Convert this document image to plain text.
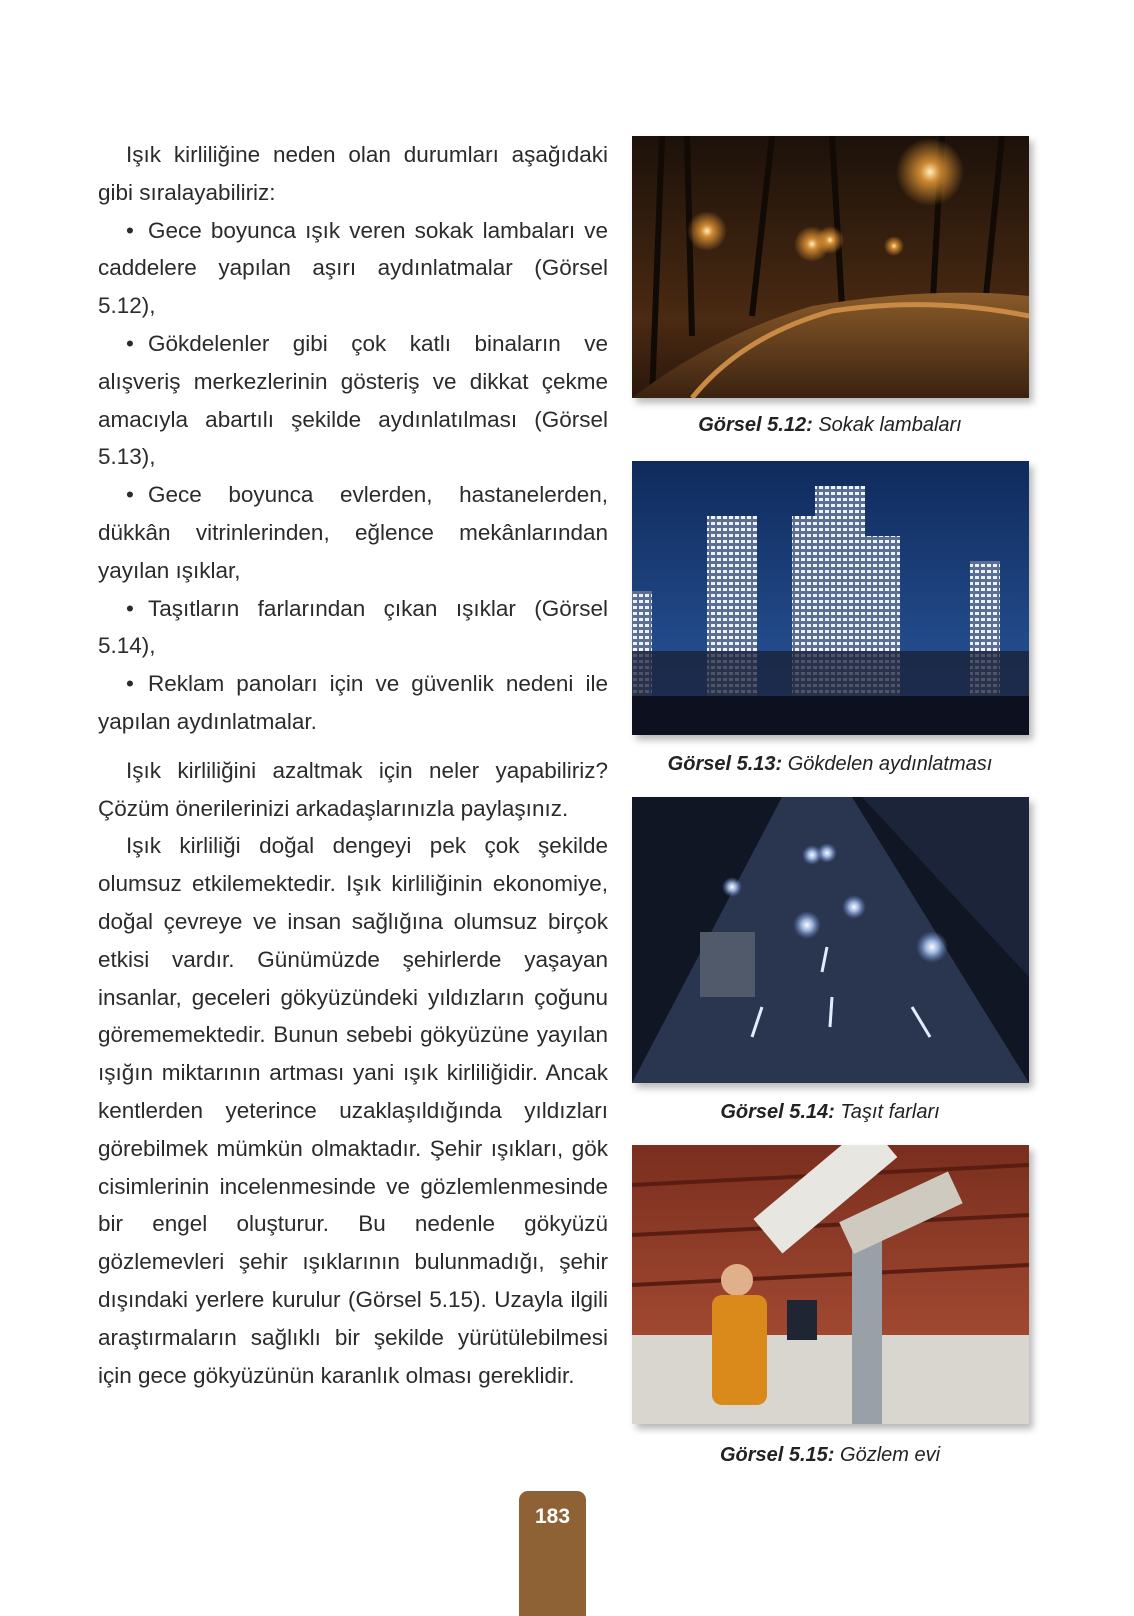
Işık kirliliğine neden olan durumları aşağıdaki gibi sıralayabiliriz:

• Gece boyunca ışık veren sokak lambaları ve caddelere yapılan aşırı aydınlatmalar (Görsel 5.12),

• Gökdelenler gibi çok katlı binaların ve alışveriş merkezlerinin gösteriş ve dikkat çekme amacıyla abartılı şekilde aydınlatılması (Görsel 5.13),

• Gece boyunca evlerden, hastanelerden, dükkân vitrinlerinden, eğlence mekânlarından yayılan ışıklar,

• Taşıtların farlarından çıkan ışıklar (Görsel 5.14),

• Reklam panoları için ve güvenlik nedeni ile yapılan aydınlatmalar.

Işık kirliliğini azaltmak için neler yapabiliriz? Çözüm önerilerinizi arkadaşlarınızla paylaşınız.

Işık kirliliği doğal dengeyi pek çok şekilde olumsuz etkilemektedir. Işık kirliliğinin ekonomiye, doğal çevreye ve insan sağlığına olumsuz birçok etkisi vardır. Günümüzde şehirlerde yaşayan insanlar, geceleri gökyüzündeki yıldızların çoğunu görememektedir. Bunun sebebi gökyüzüne yayılan ışığın miktarının artması yani ışık kirliliğidir. Ancak kentlerden yeterince uzaklaşıldığında yıldızları görebilmek mümkün olmaktadır. Şehir ışıkları, gök cisimlerinin incelenmesinde ve gözlemlenmesinde bir engel oluşturur. Bu nedenle gökyüzü gözlemevleri şehir ışıklarının bulunmadığı, şehir dışındaki yerlere kurulur (Görsel 5.15). Uzayla ilgili araştırmaların sağlıklı bir şekilde yürütülebilmesi için gece gökyüzünün karanlık olması gereklidir.

Görsel 5.12: Sokak lambaları
Görsel 5.13: Gökdelen aydınlatması
Görsel 5.14: Taşıt farları
Görsel 5.15: Gözlem evi
183
